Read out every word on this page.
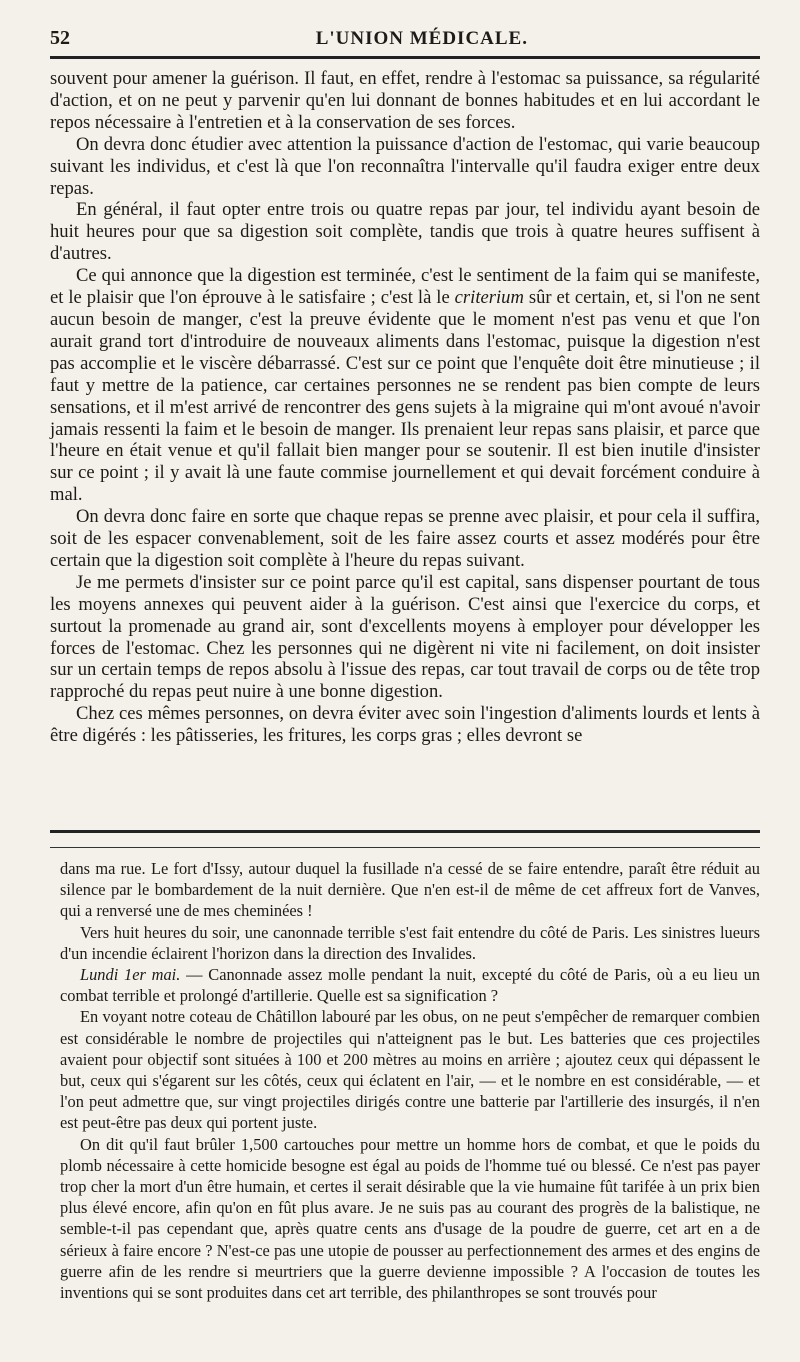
52	L'UNION MÉDICALE.

souvent pour amener la guérison. Il faut, en effet, rendre à l'estomac sa puissance, sa régularité d'action, et on ne peut y parvenir qu'en lui donnant de bonnes habitudes et en lui accordant le repos nécessaire à l'entretien et à la conservation de ses forces.

On devra donc étudier avec attention la puissance d'action de l'estomac, qui varie beaucoup suivant les individus, et c'est là que l'on reconnaîtra l'intervalle qu'il faudra exiger entre deux repas.

En général, il faut opter entre trois ou quatre repas par jour, tel individu ayant besoin de huit heures pour que sa digestion soit complète, tandis que trois à quatre heures suffisent à d'autres.

Ce qui annonce que la digestion est terminée, c'est le sentiment de la faim qui se manifeste, et le plaisir que l'on éprouve à le satisfaire ; c'est là le criterium sûr et certain, et, si l'on ne sent aucun besoin de manger, c'est la preuve évidente que le moment n'est pas venu et que l'on aurait grand tort d'introduire de nouveaux aliments dans l'estomac, puisque la digestion n'est pas accomplie et le viscère débarrassé. C'est sur ce point que l'enquête doit être minutieuse ; il faut y mettre de la patience, car certaines personnes ne se rendent pas bien compte de leurs sensations, et il m'est arrivé de rencontrer des gens sujets à la migraine qui m'ont avoué n'avoir jamais ressenti la faim et le besoin de manger. Ils prenaient leur repas sans plaisir, et parce que l'heure en était venue et qu'il fallait bien manger pour se soutenir. Il est bien inutile d'insister sur ce point ; il y avait là une faute commise journellement et qui devait forcément conduire à mal.

On devra donc faire en sorte que chaque repas se prenne avec plaisir, et pour cela il suffira, soit de les espacer convenablement, soit de les faire assez courts et assez modérés pour être certain que la digestion soit complète à l'heure du repas suivant.

Je me permets d'insister sur ce point parce qu'il est capital, sans dispenser pourtant de tous les moyens annexes qui peuvent aider à la guérison. C'est ainsi que l'exercice du corps, et surtout la promenade au grand air, sont d'excellents moyens à employer pour développer les forces de l'estomac. Chez les personnes qui ne digèrent ni vite ni facilement, on doit insister sur un certain temps de repos absolu à l'issue des repas, car tout travail de corps ou de tête trop rapproché du repas peut nuire à une bonne digestion.

Chez ces mêmes personnes, on devra éviter avec soin l'ingestion d'aliments lourds et lents à être digérés : les pâtisseries, les fritures, les corps gras ; elles devront se

dans ma rue. Le fort d'Issy, autour duquel la fusillade n'a cessé de se faire entendre, paraît être réduit au silence par le bombardement de la nuit dernière. Que n'en est-il de même de cet affreux fort de Vanves, qui a renversé une de mes cheminées !

Vers huit heures du soir, une canonnade terrible s'est fait entendre du côté de Paris. Les sinistres lueurs d'un incendie éclairent l'horizon dans la direction des Invalides.

Lundi 1er mai. — Canonnade assez molle pendant la nuit, excepté du côté de Paris, où a eu lieu un combat terrible et prolongé d'artillerie. Quelle est sa signification ?

En voyant notre coteau de Châtillon labouré par les obus, on ne peut s'empêcher de remarquer combien est considérable le nombre de projectiles qui n'atteignent pas le but. Les batteries que ces projectiles avaient pour objectif sont situées à 100 et 200 mètres au moins en arrière ; ajoutez ceux qui dépassent le but, ceux qui s'égarent sur les côtés, ceux qui éclatent en l'air, — et le nombre en est considérable, — et l'on peut admettre que, sur vingt projectiles dirigés contre une batterie par l'artillerie des insurgés, il n'en est peut-être pas deux qui portent juste.

On dit qu'il faut brûler 1,500 cartouches pour mettre un homme hors de combat, et que le poids du plomb nécessaire à cette homicide besogne est égal au poids de l'homme tué ou blessé. Ce n'est pas payer trop cher la mort d'un être humain, et certes il serait désirable que la vie humaine fût tarifée à un prix bien plus élevé encore, afin qu'on en fût plus avare. Je ne suis pas au courant des progrès de la balistique, ne semble-t-il pas cependant que, après quatre cents ans d'usage de la poudre de guerre, cet art en a de sérieux à faire encore ? N'est-ce pas une utopie de pousser au perfectionnement des armes et des engins de guerre afin de les rendre si meurtriers que la guerre devienne impossible ? A l'occasion de toutes les inventions qui se sont produites dans cet art terrible, des philanthropes se sont trouvés pour
